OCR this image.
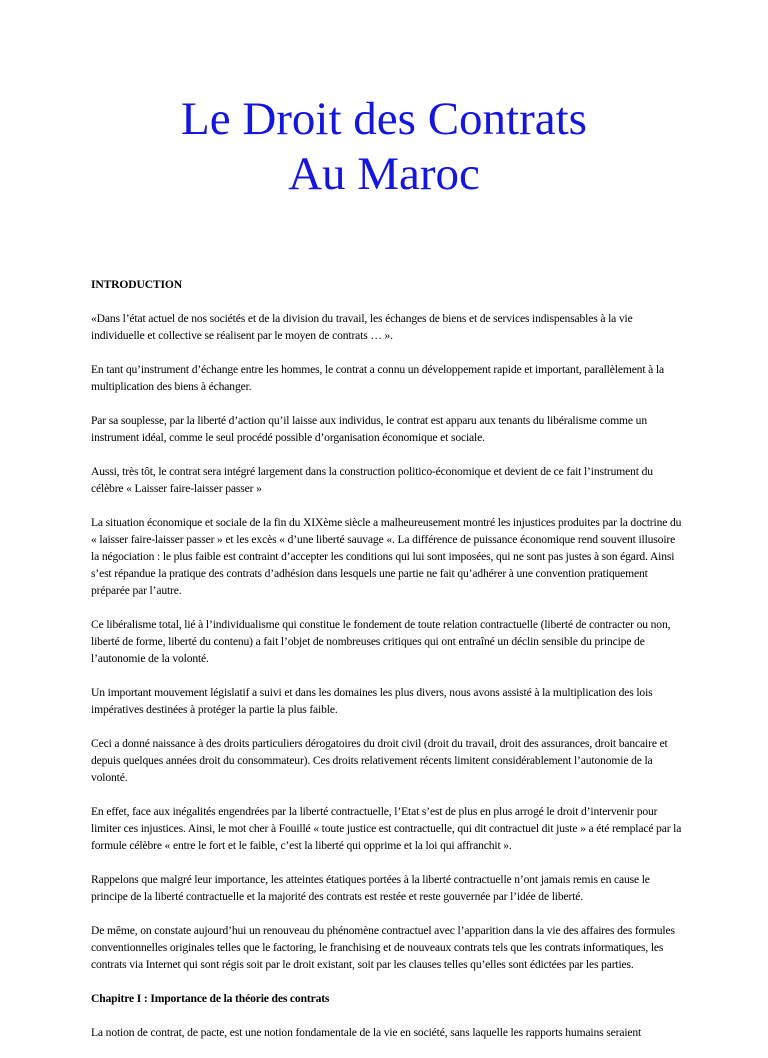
Le Droit des Contrats
Au Maroc

INTRODUCTION

«Dans l’état actuel de nos sociétés et de la division du travail, les échanges de biens et de services indispensables à la vie individuelle et collective se réalisent par le moyen de contrats … ».

En tant qu’instrument d’échange entre les hommes, le contrat a connu un développement rapide et important, parallèlement à la multiplication des biens à échanger.

Par sa souplesse, par la liberté d’action qu’il laisse aux individus, le contrat est apparu aux tenants du libéralisme comme un instrument idéal, comme le seul procédé possible d’organisation économique et sociale.

Aussi, très tôt, le contrat sera intégré largement dans la construction politico-économique et devient de ce fait l’instrument du célèbre « Laisser faire-laisser passer »

La situation économique et sociale de la fin du XIXème siècle a malheureusement montré les injustices produites par la doctrine du « laisser faire-laisser passer » et les excès « d’une liberté sauvage «. La différence de puissance économique rend souvent illusoire la négociation : le plus faible est contraint d’accepter les conditions qui lui sont imposées, qui ne sont pas justes à son égard. Ainsi s’est répandue la pratique des contrats d’adhésion dans lesquels une partie ne fait qu’adhérer à une convention pratiquement préparée par l’autre.

Ce libéralisme total, lié à l’individualisme qui constitue le fondement de toute relation contractuelle (liberté de contracter ou non, liberté de forme, liberté du contenu) a fait l’objet de nombreuses critiques qui ont entraîné un déclin sensible du principe de l’autonomie de la volonté.

Un important mouvement législatif a suivi et dans les domaines les plus divers, nous avons assisté à la multiplication des lois impératives destinées à protéger la partie la plus faible.

Ceci a donné naissance à des droits particuliers dérogatoires du droit civil (droit du travail, droit des assurances, droit bancaire et depuis quelques années droit du consommateur). Ces droits relativement récents limitent considérablement l’autonomie de la volonté.

En effet, face aux inégalités engendrées par la liberté contractuelle, l’Etat s’est de plus en plus arrogé le droit d’intervenir pour limiter ces injustices. Ainsi, le mot cher à Fouillé « toute justice est contractuelle, qui dit contractuel dit juste » a été remplacé par la formule célèbre « entre le fort et le faible, c’est la liberté qui opprime et la loi qui affranchit ».

Rappelons que malgré leur importance, les atteintes étatiques portées à la liberté contractuelle n’ont jamais remis en cause le principe de la liberté contractuelle et la majorité des contrats est restée et reste gouvernée par l’idée de liberté.

De même, on constate aujourd’hui un renouveau du phénomène contractuel avec l’apparition dans la vie des affaires des formules conventionnelles originales telles que le factoring, le franchising et de nouveaux contrats tels que les contrats informatiques, les contrats via Internet qui sont régis soit par le droit existant, soit par les clauses telles qu’elles sont édictées par les parties.

Chapitre I : Importance de la théorie des contrats

La notion de contrat, de pacte, est une notion fondamentale de la vie en société, sans laquelle les rapports humains seraient
